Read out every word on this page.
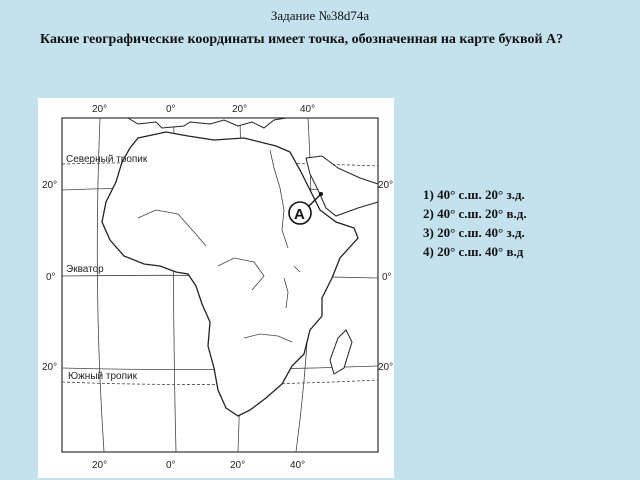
Задание №38d74a
Какие географические координаты имеет точка, обозначенная на карте буквой А?
20°	0°	20°	40°
20°	0°	20°	40°
20°
0°
20°
20°
0°
20°
Северный тропик
Экватор
Южный тропик
А
1) 40° с.ш. 20° з.д.
2) 40° с.ш. 20° в.д.
3) 20° с.ш. 40° з.д.
4) 20° с.ш. 40° в.д
